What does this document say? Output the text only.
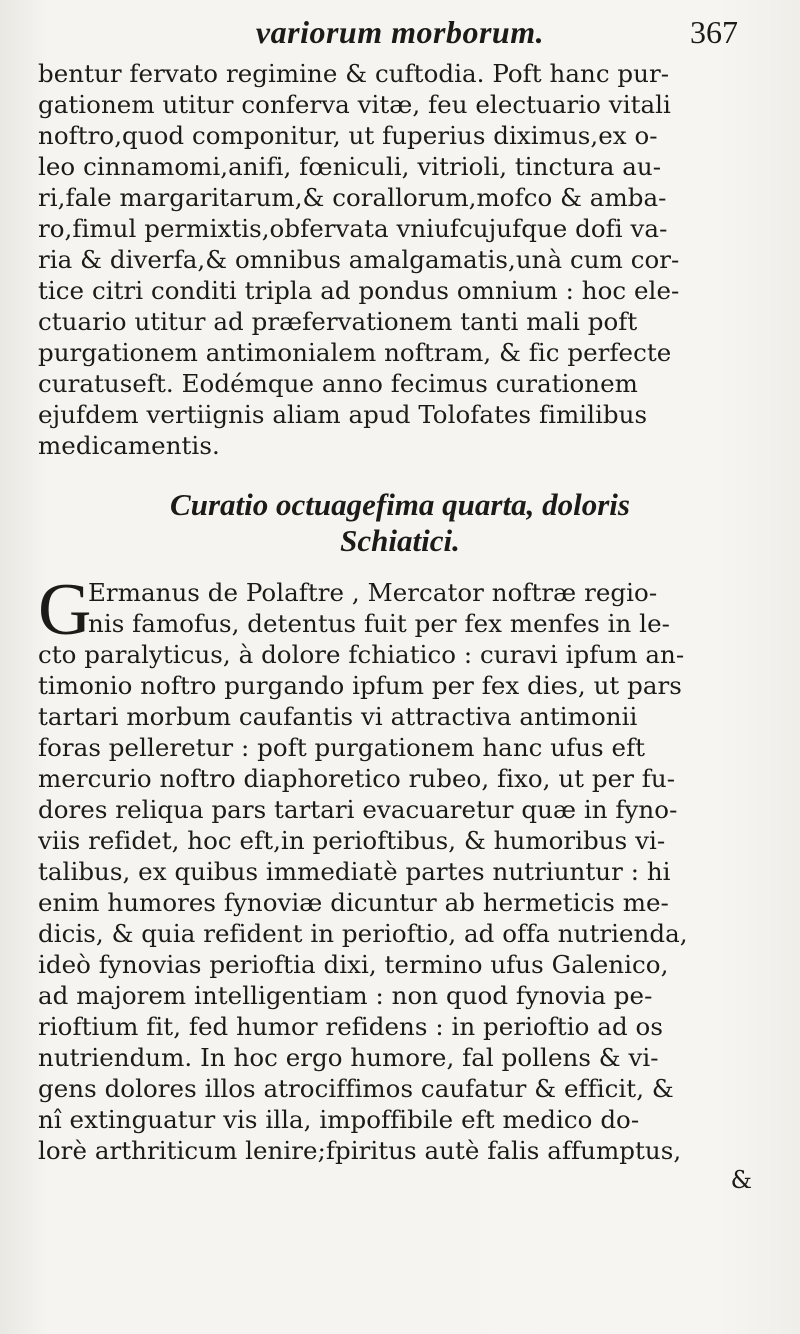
variorum morborum.	367
bentur fervato regimine & cuftodia. Poft hanc pur-
gationem utitur conferva vitæ, feu electuario vitali
noftro,quod componitur, ut fuperius diximus,ex o-
leo cinnamomi,anifi, fœniculi, vitrioli, tinctura au-
ri,fale margaritarum,& corallorum,mofco & amba-
ro,fimul permixtis,obfervata vniufcujufque dofi va-
ria & diverfa,& omnibus amalgamatis,unà cum cor-
tice citri conditi tripla ad pondus omnium : hoc ele-
ctuario utitur ad præfervationem tanti mali poft
purgationem antimonialem noftram, & fic perfecte
curatuseft. Eodémque anno fecimus curationem
ejufdem vertiignis aliam apud Tolofates fimilibus
medicamentis.
Curatio octuagefima quarta, doloris
Schiatici.
G
Ermanus de Polaftre , Mercator noftræ regio-
nis famofus, detentus fuit per fex menfes in le-
cto paralyticus, à dolore fchiatico : curavi ipfum an-
timonio noftro purgando ipfum per fex dies, ut pars
tartari morbum caufantis vi attractiva antimonii
foras pelleretur : poft purgationem hanc ufus eft
mercurio noftro diaphoretico rubeo, fixo, ut per fu-
dores reliqua pars tartari evacuaretur quæ in fyno-
viis refidet, hoc eft,in perioftibus, & humoribus vi-
talibus, ex quibus immediatè partes nutriuntur : hi
enim humores fynoviæ dicuntur ab hermeticis me-
dicis, & quia refident in perioftio, ad offa nutrienda,
ideò fynovias perioftia dixi, termino ufus Galenico,
ad majorem intelligentiam : non quod fynovia pe-
rioftium fit, fed humor refidens : in perioftio ad os
nutriendum. In hoc ergo humore, fal pollens & vi-
gens dolores illos atrociffimos caufatur & efficit, &
nî extinguatur vis illa, impoffibile eft medico do-
lorè arthriticum lenire;fpiritus autè falis affumptus,
&
